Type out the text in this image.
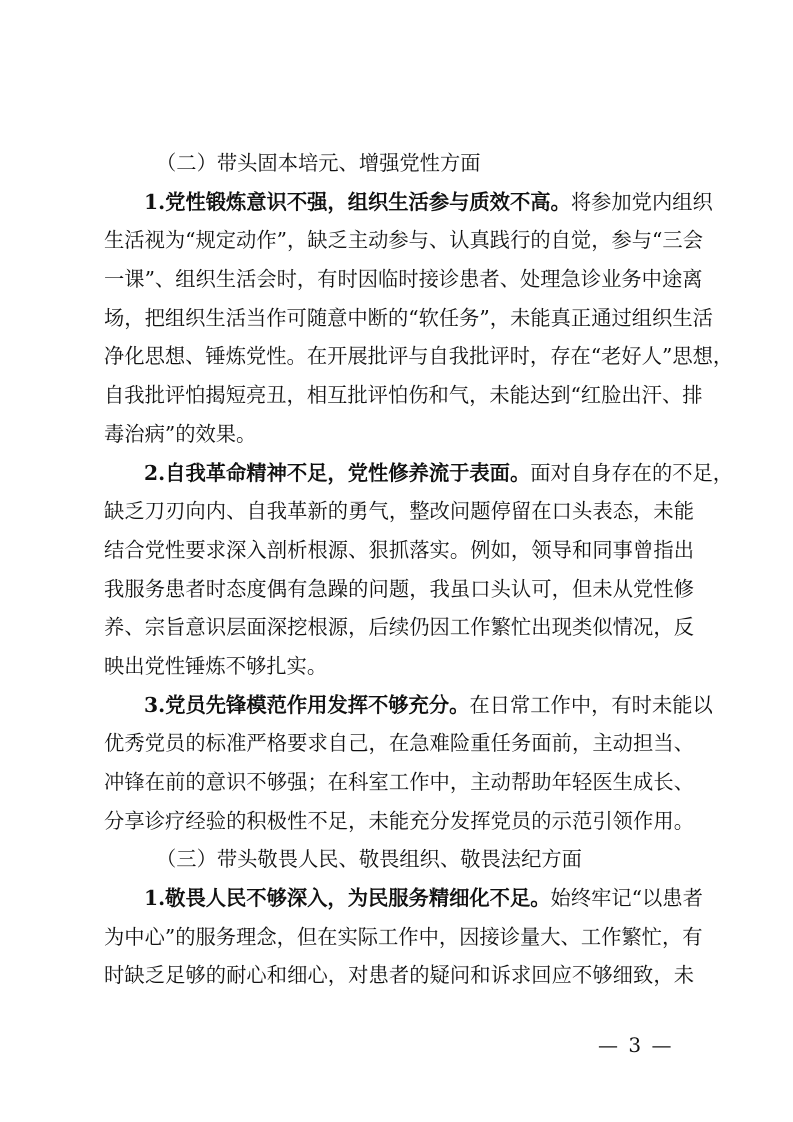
（二）带头固本培元、增强党性方面
1.党性锻炼意识不强，组织生活参与质效不高。将参加党内组织
生活视为“规定动作”，缺乏主动参与、认真践行的自觉，参与“三会
一课”、组织生活会时，有时因临时接诊患者、处理急诊业务中途离
场，把组织生活当作可随意中断的“软任务”，未能真正通过组织生活
净化思想、锤炼党性。在开展批评与自我批评时，存在“老好人”思想，
自我批评怕揭短亮丑，相互批评怕伤和气，未能达到“红脸出汗、排
毒治病”的效果。
2.自我革命精神不足，党性修养流于表面。面对自身存在的不足，
缺乏刀刃向内、自我革新的勇气，整改问题停留在口头表态，未能
结合党性要求深入剖析根源、狠抓落实。例如，领导和同事曾指出
我服务患者时态度偶有急躁的问题，我虽口头认可，但未从党性修
养、宗旨意识层面深挖根源，后续仍因工作繁忙出现类似情况，反
映出党性锤炼不够扎实。
3.党员先锋模范作用发挥不够充分。在日常工作中，有时未能以
优秀党员的标准严格要求自己，在急难险重任务面前，主动担当、
冲锋在前的意识不够强；在科室工作中，主动帮助年轻医生成长、
分享诊疗经验的积极性不足，未能充分发挥党员的示范引领作用。
（三）带头敬畏人民、敬畏组织、敬畏法纪方面
1.敬畏人民不够深入，为民服务精细化不足。始终牢记“以患者
为中心”的服务理念，但在实际工作中，因接诊量大、工作繁忙，有
时缺乏足够的耐心和细心，对患者的疑问和诉求回应不够细致，未
— 3 —
